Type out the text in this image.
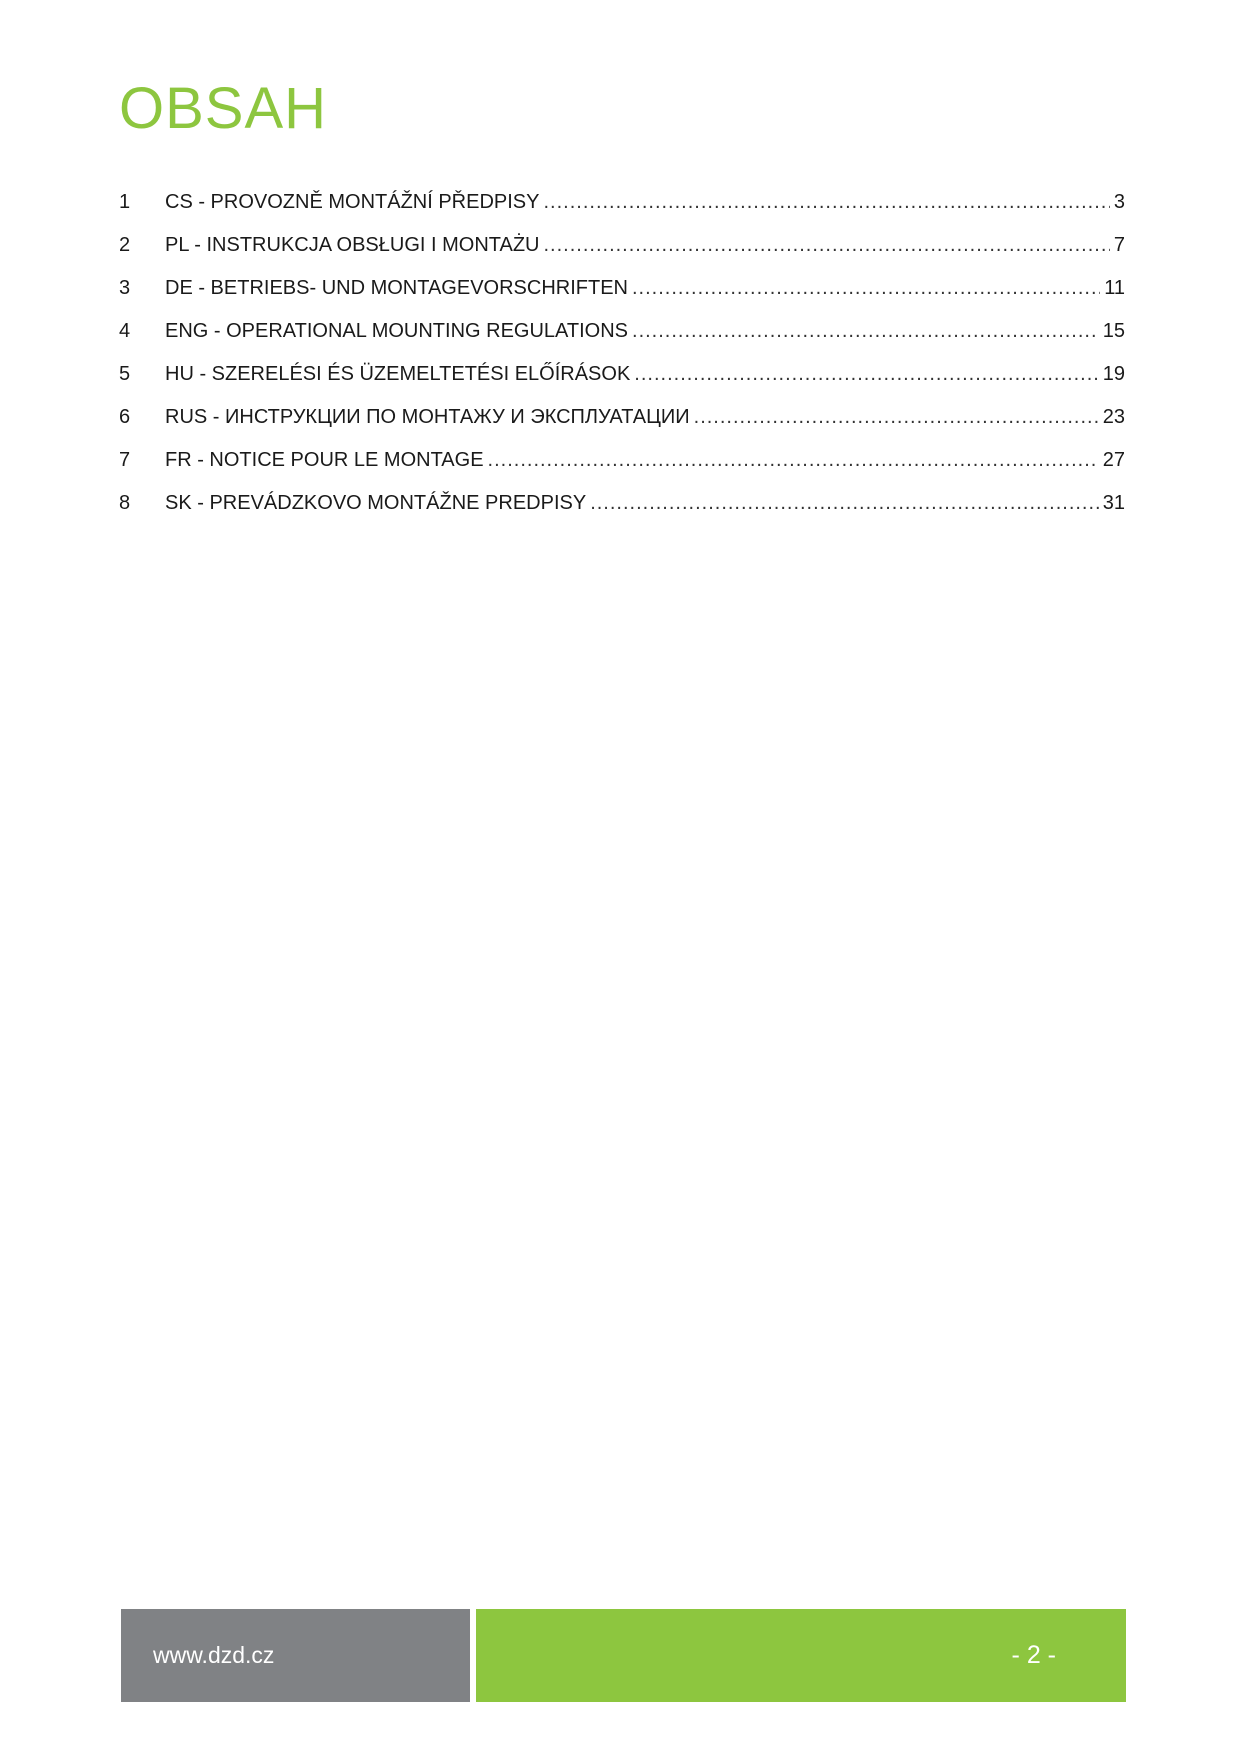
OBSAH
1	CS - PROVOZNĚ MONTÁŽNÍ PŘEDPISY .....	3
2	PL - INSTRUKCJA OBSŁUGI I MONTAŻU .....	7
3	DE - BETRIEBS- UND MONTAGEVORSCHRIFTEN .....	11
4	ENG - OPERATIONAL MOUNTING REGULATIONS .....	15
5	HU - SZERELÉSI ÉS ÜZEMELTETÉSI ELŐÍRÁSOK .....	19
6	RUS - ИНСТРУКЦИИ ПО МОНТАЖУ И ЭКСПЛУАТАЦИИ .....	23
7	FR - NOTICE POUR LE MONTAGE .....	27
8	SK - PREVÁDZKOVO MONTÁŽNE PREDPISY .....	31
www.dzd.cz	- 2 -
